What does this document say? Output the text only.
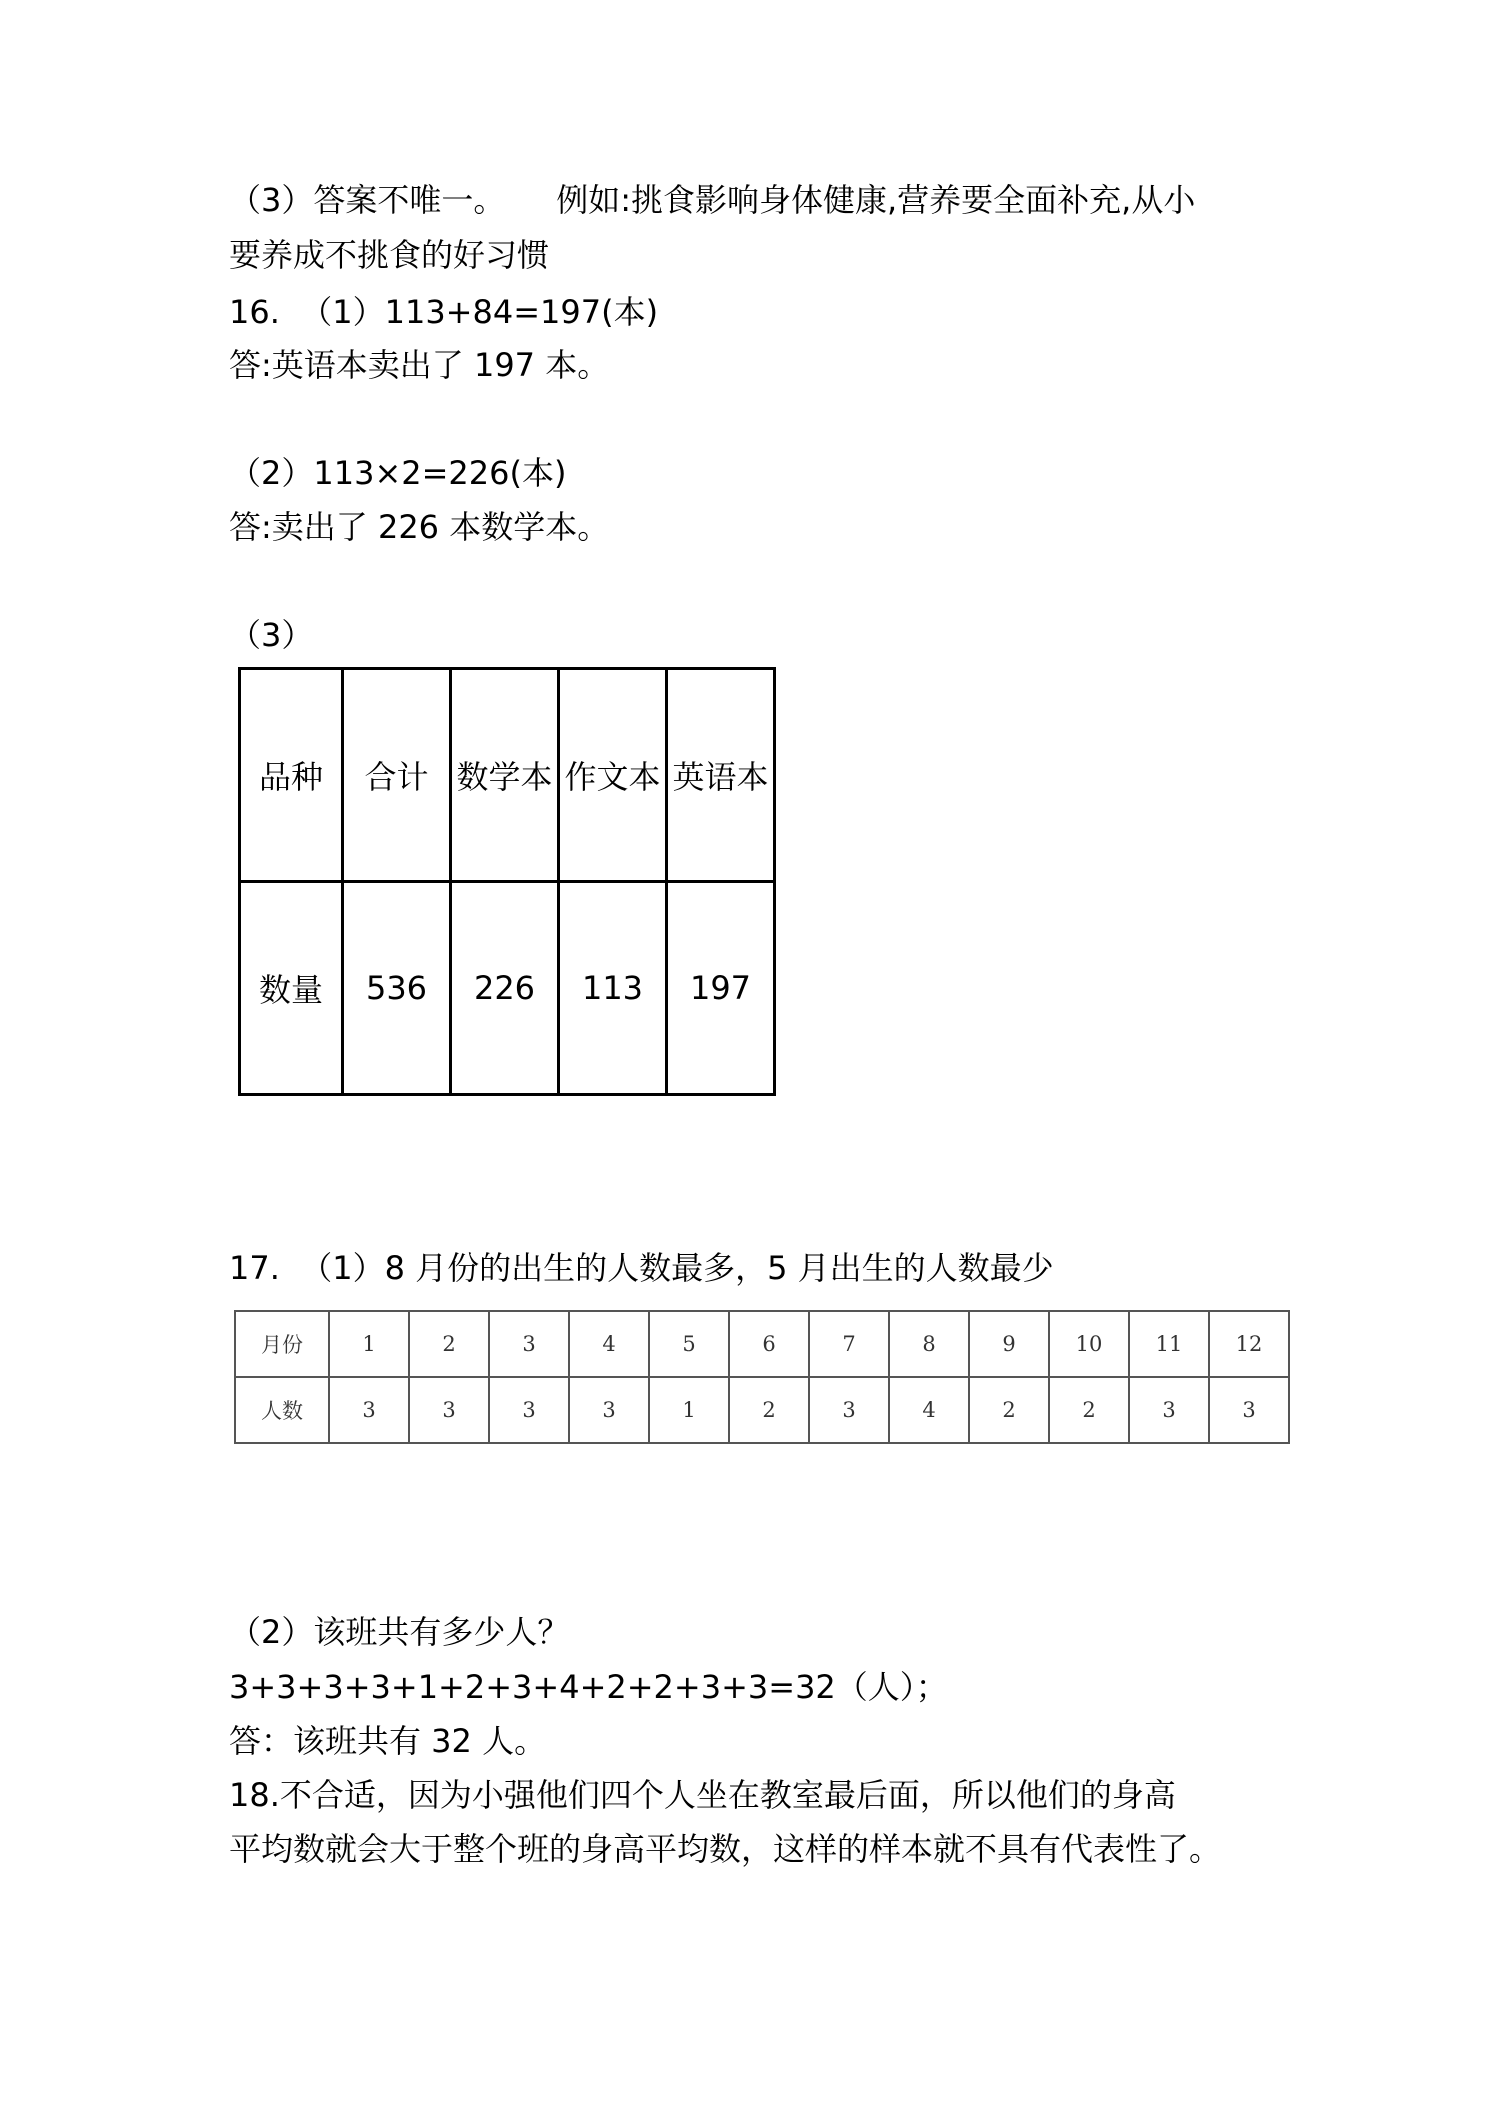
（3）答案不唯一。     例如:挑食影响身体健康,营养要全面补充,从小
要养成不挑食的好习惯
16.  （1）113+84=197(本)
答:英语本卖出了 197 本。
（2）113×2=226(本)
答:卖出了 226 本数学本。
（3）
品种	合计	数学本	作文本	英语本
数量	536	226	113	197
17.  （1）8 月份的出生的人数最多，5 月出生的人数最少
月份	1	2	3	4	5	6	7	8	9	10	11	12
人数	3	3	3	3	1	2	3	4	2	2	3	3
（2）该班共有多少人？
3+3+3+3+1+2+3+4+2+2+3+3=32（人）；
答：该班共有 32 人。
18.不合适，因为小强他们四个人坐在教室最后面，所以他们的身高
平均数就会大于整个班的身高平均数，这样的样本就不具有代表性了。
